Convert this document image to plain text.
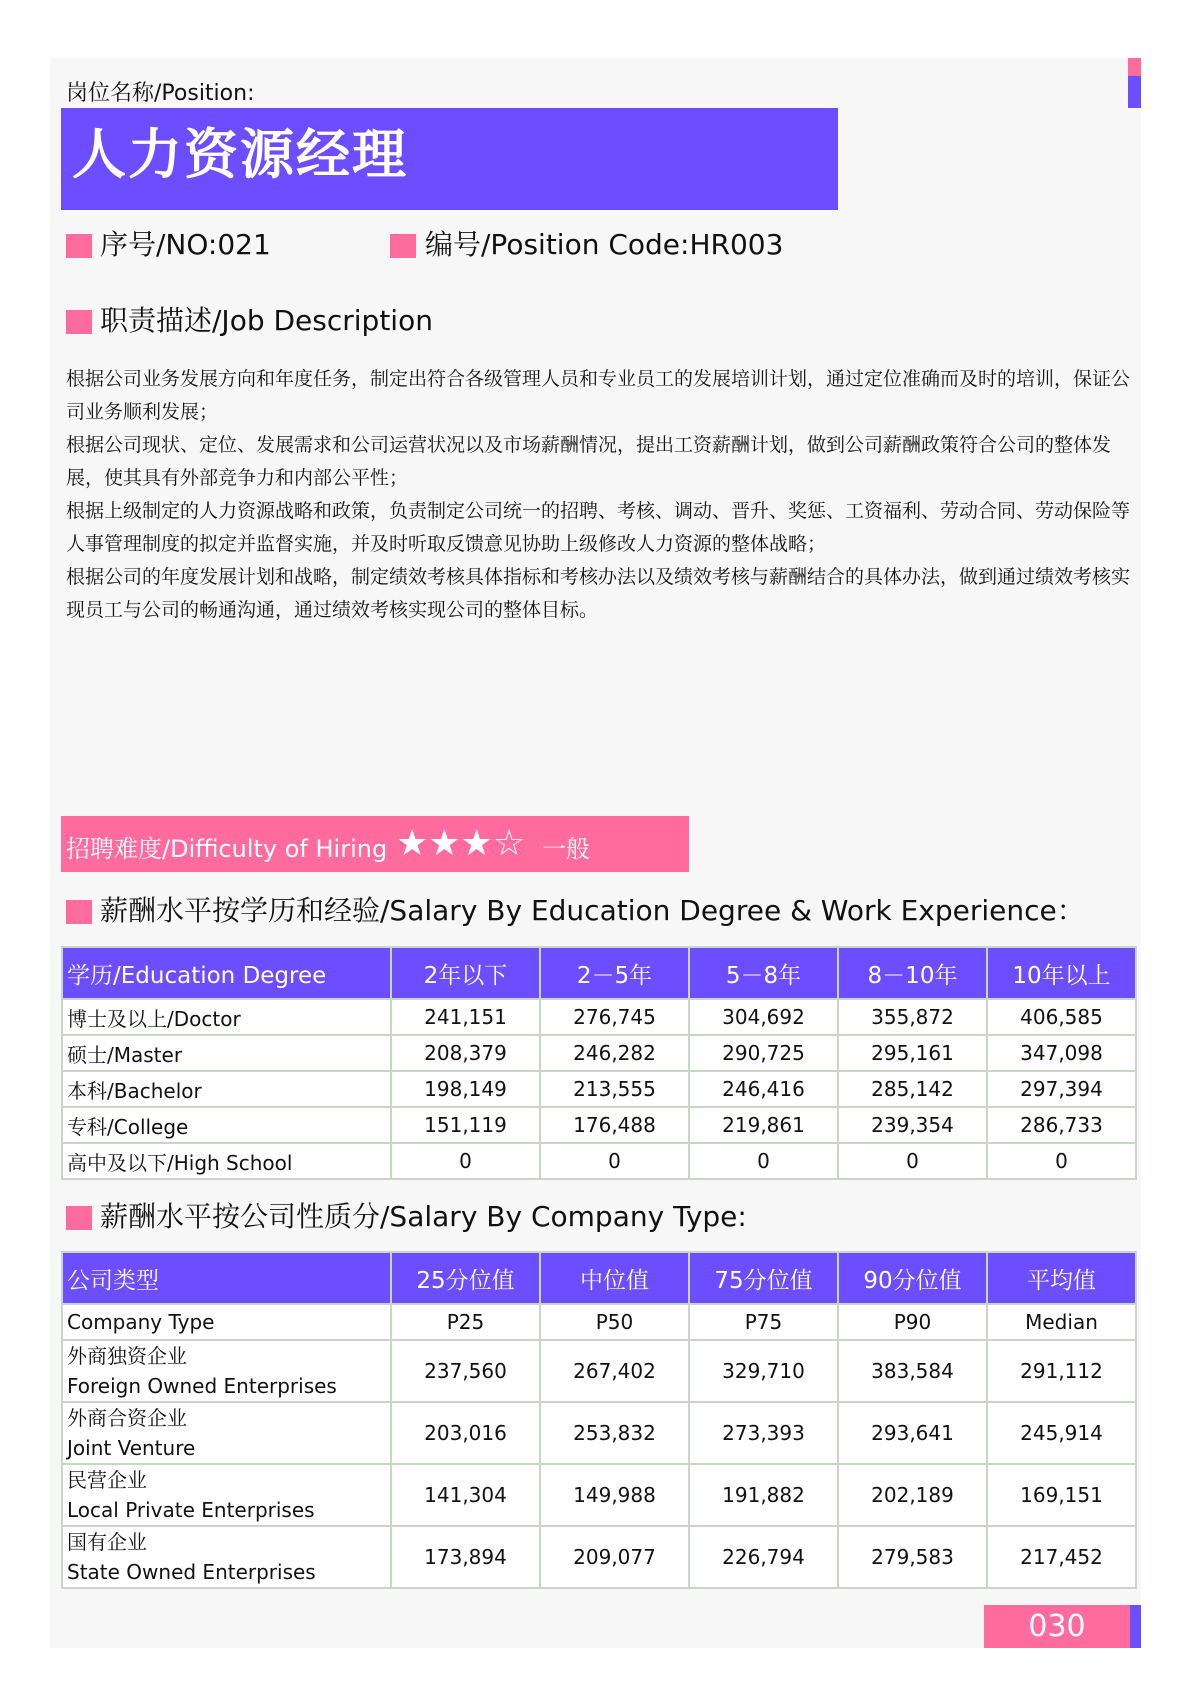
岗位名称/Position:
人力资源经理
序号/NO:021	编号/Position Code:HR003
职责描述/Job Description

根据公司业务发展方向和年度任务，制定出符合各级管理人员和专业员工的发展培训计划，通过定位准确而及时的培训，保证公司业务顺利发展；

根据公司现状、定位、发展需求和公司运营状况以及市场薪酬情况，提出工资薪酬计划，做到公司薪酬政策符合公司的整体发展，使其具有外部竞争力和内部公平性；

根据上级制定的人力资源战略和政策，负责制定公司统一的招聘、考核、调动、晋升、奖惩、工资福利、劳动合同、劳动保险等人事管理制度的拟定并监督实施，并及时听取反馈意见协助上级修改人力资源的整体战略；

根据公司的年度发展计划和战略，制定绩效考核具体指标和考核办法以及绩效考核与薪酬结合的具体办法，做到通过绩效考核实现员工与公司的畅通沟通，通过绩效考核实现公司的整体目标。

招聘难度/Difficulty of Hiring ★★★☆ 一般
薪酬水平按学历和经验/Salary By Education Degree & Work Experience：
学历/Education Degree	2年以下	2－5年	5－8年	8－10年	10年以上
博士及以上/Doctor	241,151	276,745	304,692	355,872	406,585
硕士/Master	208,379	246,282	290,725	295,161	347,098
本科/Bachelor	198,149	213,555	246,416	285,142	297,394
专科/College	151,119	176,488	219,861	239,354	286,733
高中及以下/High School	0	0	0	0	0
薪酬水平按公司性质分/Salary By Company Type:
公司类型	25分位值	中位值	75分位值	90分位值	平均值
Company Type	P25	P50	P75	P90	Median

外商独资企业
Foreign Owned Enterprises	237,560	267,402	329,710	383,584	291,112

外商合资企业
Joint Venture	203,016	253,832	273,393	293,641	245,914

民营企业
Local Private Enterprises	141,304	149,988	191,882	202,189	169,151

国有企业
State Owned Enterprises	173,894	209,077	226,794	279,583	217,452
030
